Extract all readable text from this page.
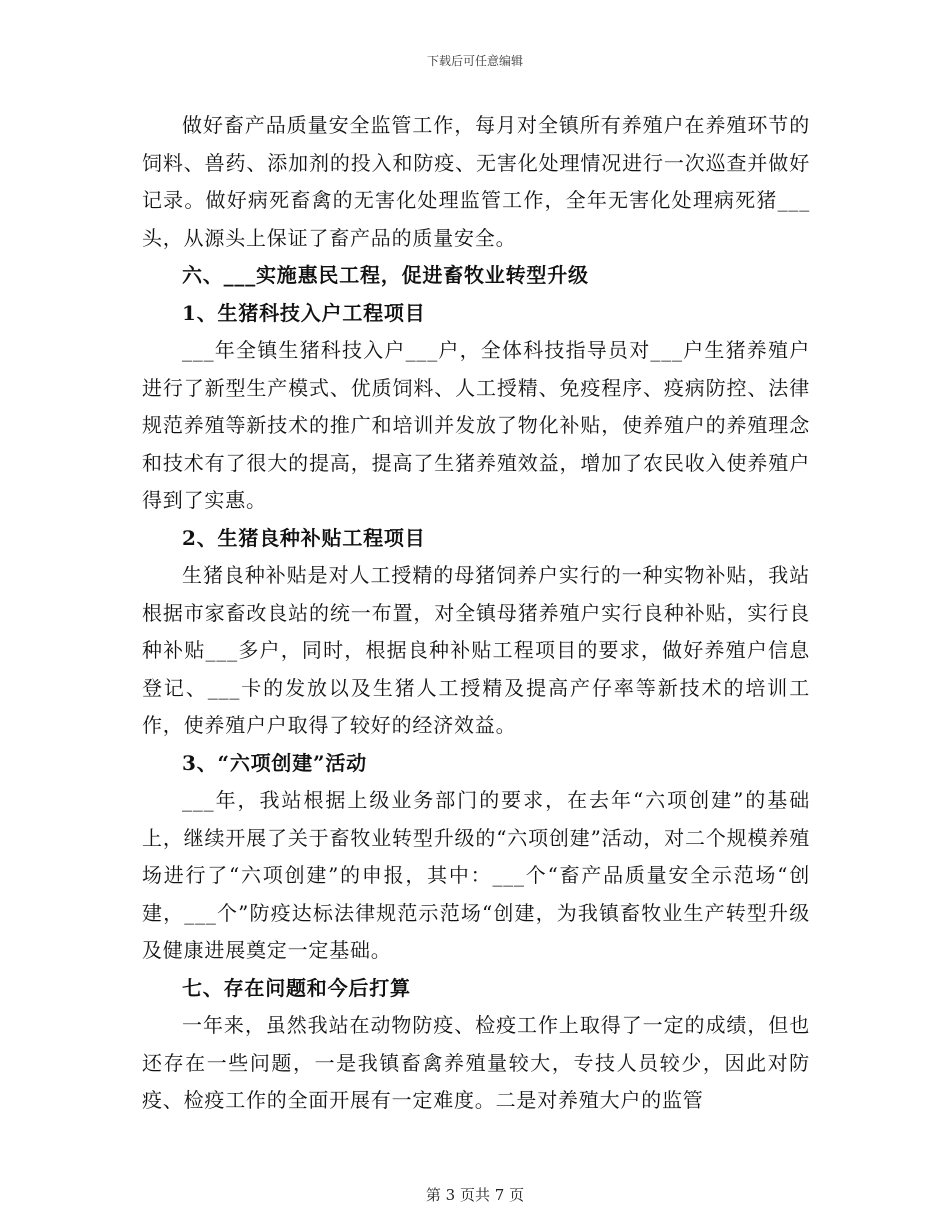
下载后可任意编辑

做好畜产品质量安全监管工作，每月对全镇所有养殖户在养殖环节的饲料、兽药、添加剂的投入和防疫、无害化处理情况进行一次巡查并做好记录。做好病死畜禽的无害化处理监管工作，全年无害化处理病死猪___头，从源头上保证了畜产品的质量安全。

六、___实施惠民工程，促进畜牧业转型升级
1、生猪科技入户工程项目

___年全镇生猪科技入户___户，全体科技指导员对___户生猪养殖户进行了新型生产模式、优质饲料、人工授精、免疫程序、疫病防控、法律规范养殖等新技术的推广和培训并发放了物化补贴，使养殖户的养殖理念和技术有了很大的提高，提高了生猪养殖效益，增加了农民收入使养殖户得到了实惠。

2、生猪良种补贴工程项目

生猪良种补贴是对人工授精的母猪饲养户实行的一种实物补贴，我站根据市家畜改良站的统一布置，对全镇母猪养殖户实行良种补贴，实行良种补贴___多户，同时，根据良种补贴工程项目的要求，做好养殖户信息登记、___卡的发放以及生猪人工授精及提高产仔率等新技术的培训工作，使养殖户户取得了较好的经济效益。

3、“六项创建”活动

___年，我站根据上级业务部门的要求，在去年“六项创建”的基础上，继续开展了关于畜牧业转型升级的“六项创建”活动，对二个规模养殖场进行了“六项创建”的申报，其中：___个“畜产品质量安全示范场“创建，___个”防疫达标法律规范示范场“创建，为我镇畜牧业生产转型升级及健康进展奠定一定基础。

七、存在问题和今后打算

一年来，虽然我站在动物防疫、检疫工作上取得了一定的成绩，但也还存在一些问题，一是我镇畜禽养殖量较大，专技人员较少，因此对防疫、检疫工作的全面开展有一定难度。二是对养殖大户的监管

第 3 页共 7 页
